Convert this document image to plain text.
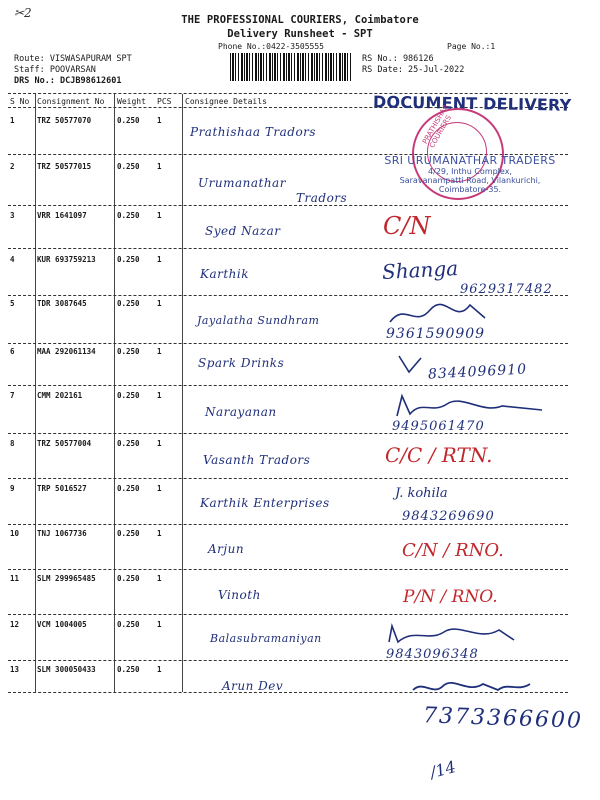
✂2	THE PROFESSIONAL COURIERS, Coimbatore
Delivery Runsheet - SPT
Phone No.:0422-3505555	Page No.:1
Route: VISWASAPURAM SPT
Staff: POOVARSAN
DRS No.: DCJB98612601
RS No.: 986126
RS Date: 25-Jul-2022
S No Consignment No Weight PCS Consignee Details
1	TRZ 50577070	0.250 1
Prathishaa Tradors
2	TRZ 50577015	0.250 1
Urumanathar
Tradors
3	VRR 1641097	0.250 1
Syed Nazar	C/N
4	KUR 693759213	0.250 1
Karthik	Shanga
9629317482
5	TDR 3087645	0.250 1
Jayalatha Sundhram
9361590909
6	MAA 292061134	0.250 1
Spark Drinks	8344096910
7	CMM 202161	0.250 1
Narayanan
9495061470
8	TRZ 50577004	0.250 1
Vasanth Tradors	C/C / RTN.
9	TRP 5016527	0.250 1
Karthik Enterprises
J. kohila
9843269690
10 TNJ 1067736	0.250 1
Arjun	C/N / RNO.
11 SLM 299965485	0.250 1
Vinoth	P/N / RNO.
12 VCM 1004005	0.250 1
Balasubramaniyan
9843096348
13 SLM 300050433	0.250 1
Arun Dev
DOCUMENT DELIVERY
PRATHISHAA COURIERS
SRI URUMANATHAR TRADERS
4/29, Inthu Complex,
Saravanampatti Road, Vilankurichi,
Coimbatore-35.
7373366600
/14
